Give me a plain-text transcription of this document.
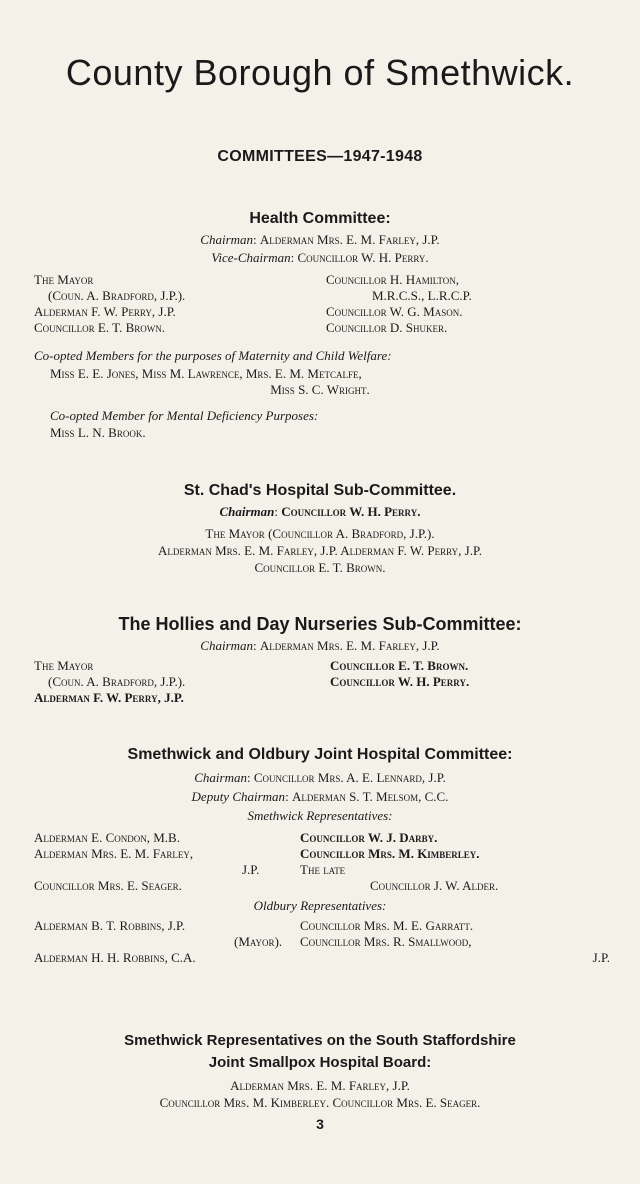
County Borough of Smethwick.
COMMITTEES—1947-1948
Health Committee:
Chairman: Alderman Mrs. E. M. Farley, J.P.
Vice-Chairman: Councillor W. H. Perry.
The Mayor
(Coun. A. Bradford, J.P.).
Alderman F. W. Perry, J.P.
Councillor E. T. Brown.
Councillor H. Hamilton,
M.R.C.S., L.R.C.P.
Councillor W. G. Mason.
Councillor D. Shuker.
Co-opted Members for the purposes of Maternity and Child Welfare:
Miss E. E. Jones, Miss M. Lawrence, Mrs. E. M. Metcalfe,
Miss S. C. Wright.
Co-opted Member for Mental Deficiency Purposes:
Miss L. N. Brook.
St. Chad's Hospital Sub-Committee.
Chairman: Councillor W. H. Perry.
The Mayor (Councillor A. Bradford, J.P.).
Alderman Mrs. E. M. Farley, J.P. Alderman F. W. Perry, J.P.
Councillor E. T. Brown.
The Hollies and Day Nurseries Sub-Committee:
Chairman: Alderman Mrs. E. M. Farley, J.P.
The Mayor
(Coun. A. Bradford, J.P.).
Alderman F. W. Perry, J.P.
Councillor E. T. Brown.
Councillor W. H. Perry.
Smethwick and Oldbury Joint Hospital Committee:
Chairman: Councillor Mrs. A. E. Lennard, J.P.
Deputy Chairman: Alderman S. T. Melsom, C.C.
Smethwick Representatives:
Alderman E. Condon, M.B.
Alderman Mrs. E. M. Farley,
J.P.
Councillor Mrs. E. Seager.
Councillor W. J. Darby.
Councillor Mrs. M. Kimberley.
The late
Councillor J. W. Alder.
Oldbury Representatives:
Alderman B. T. Robbins, J.P.
(Mayor).
Alderman H. H. Robbins, C.A.
Councillor Mrs. M. E. Garratt.
Councillor Mrs. R. Smallwood,
J.P.
Smethwick Representatives on the South Staffordshire
Joint Smallpox Hospital Board:
Alderman Mrs. E. M. Farley, J.P.
Councillor Mrs. M. Kimberley. Councillor Mrs. E. Seager.
3
